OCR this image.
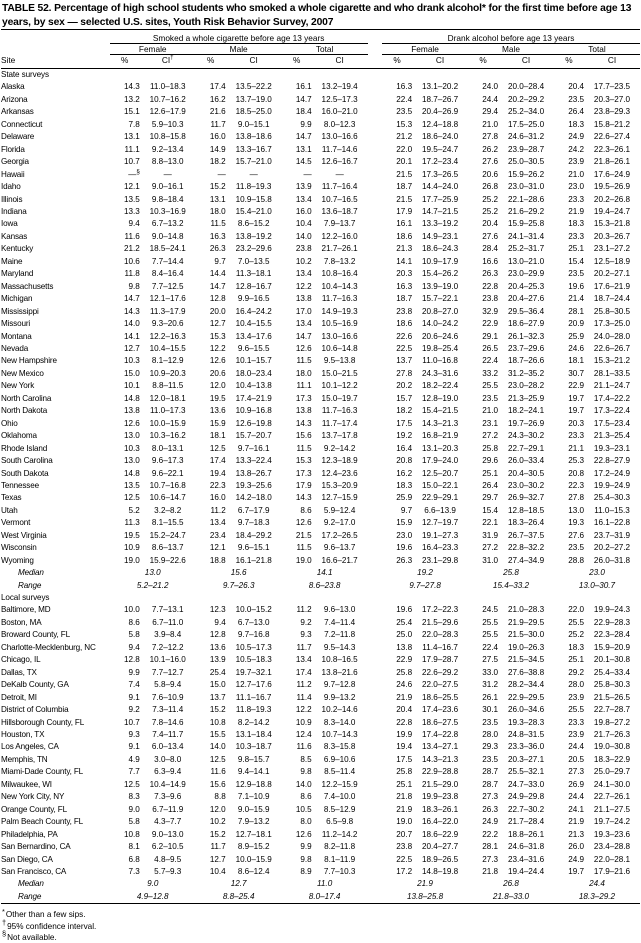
TABLE 52. Percentage of high school students who smoked a whole cigarette and who drank alcohol* for the first time before age 13 years, by sex — selected U.S. sites, Youth Risk Behavior Survey, 2007

	Smoked a whole cigarette before age 13 years							Drank alcohol before age 13 years					
	Female		Male		Total			Female		Male		Total	
Site	%	CI†	%	CI	%	CI		%	CI	%	CI	%	CI

State surveys													
Alaska	14.3	11.0–18.3	17.4	13.5–22.2	16.1	13.2–19.4		16.3	13.1–20.2	24.0	20.0–28.4	20.4	17.7–23.5
Arizona	13.2	10.7–16.2	16.2	13.7–19.0	14.7	12.5–17.3		22.4	18.7–26.7	24.4	20.2–29.2	23.5	20.3–27.0
Arkansas	15.1	12.6–17.9	21.6	18.5–25.0	18.4	16.0–21.0		23.5	20.4–26.9	29.4	25.2–34.0	26.4	23.8–29.3
Connecticut	7.8	5.9–10.3	11.7	9.0–15.1	9.9	8.0–12.3		15.3	12.4–18.8	21.0	17.5–25.0	18.3	15.8–21.2
Delaware	13.1	10.8–15.8	16.0	13.8–18.6	14.7	13.0–16.6		21.2	18.6–24.0	27.8	24.6–31.2	24.9	22.6–27.4
Florida	11.1	9.2–13.4	14.9	13.3–16.7	13.1	11.7–14.6		22.0	19.5–24.7	26.2	23.9–28.7	24.2	22.3–26.1
Georgia	10.7	8.8–13.0	18.2	15.7–21.0	14.5	12.6–16.7		20.1	17.2–23.4	27.6	25.0–30.5	23.9	21.8–26.1
Hawaii	—§	—	—	—	—	—		21.5	17.3–26.5	20.6	15.9–26.2	21.0	17.6–24.9
Idaho	12.1	9.0–16.1	15.2	11.8–19.3	13.9	11.7–16.4		18.7	14.4–24.0	26.8	23.0–31.0	23.0	19.5–26.9
Illinois	13.5	9.8–18.4	13.1	10.9–15.8	13.4	10.7–16.5		21.5	17.7–25.9	25.2	22.1–28.6	23.3	20.2–26.8
Indiana	13.3	10.3–16.9	18.0	15.4–21.0	16.0	13.6–18.7		17.9	14.7–21.5	25.2	21.6–29.2	21.9	19.4–24.7
Iowa	9.4	6.7–13.2	11.5	8.6–15.2	10.4	7.9–13.7		16.1	13.3–19.2	20.4	15.9–25.8	18.3	15.3–21.8
Kansas	11.6	9.0–14.8	16.3	13.8–19.2	14.0	12.2–16.0		18.6	14.9–23.1	27.6	24.1–31.4	23.3	20.3–26.7
Kentucky	21.2	18.5–24.1	26.3	23.2–29.6	23.8	21.7–26.1		21.3	18.6–24.3	28.4	25.2–31.7	25.1	23.1–27.2
Maine	10.6	7.7–14.4	9.7	7.0–13.5	10.2	7.8–13.2		14.1	10.9–17.9	16.6	13.0–21.0	15.4	12.5–18.9
Maryland	11.8	8.4–16.4	14.4	11.3–18.1	13.4	10.8–16.4		20.3	15.4–26.2	26.3	23.0–29.9	23.5	20.2–27.1
Massachusetts	9.8	7.7–12.5	14.7	12.8–16.7	12.2	10.4–14.3		16.3	13.9–19.0	22.8	20.4–25.3	19.6	17.6–21.9
Michigan	14.7	12.1–17.6	12.8	9.9–16.5	13.8	11.7–16.3		18.7	15.7–22.1	23.8	20.4–27.6	21.4	18.7–24.4
Mississippi	14.3	11.3–17.9	20.0	16.4–24.2	17.0	14.9–19.3		23.8	20.8–27.0	32.9	29.5–36.4	28.1	25.8–30.5
Missouri	14.0	9.3–20.6	12.7	10.4–15.5	13.4	10.5–16.9		18.6	14.0–24.2	22.9	18.6–27.9	20.9	17.3–25.0
Montana	14.1	12.2–16.3	15.3	13.4–17.6	14.7	13.0–16.6		22.6	20.6–24.6	29.1	26.1–32.3	25.9	24.0–28.0
Nevada	12.7	10.4–15.5	12.2	9.6–15.5	12.6	10.6–14.8		22.5	19.8–25.4	26.5	23.7–29.6	24.6	22.6–26.7
New Hampshire	10.3	8.1–12.9	12.6	10.1–15.7	11.5	9.5–13.8		13.7	11.0–16.8	22.4	18.7–26.6	18.1	15.3–21.2
New Mexico	15.0	10.9–20.3	20.6	18.0–23.4	18.0	15.0–21.5		27.8	24.3–31.6	33.2	31.2–35.2	30.7	28.1–33.5
New York	10.1	8.8–11.5	12.0	10.4–13.8	11.1	10.1–12.2		20.2	18.2–22.4	25.5	23.0–28.2	22.9	21.1–24.7
North Carolina	14.8	12.0–18.1	19.5	17.4–21.9	17.3	15.0–19.7		15.7	12.8–19.0	23.5	21.3–25.9	19.7	17.4–22.2
North Dakota	13.8	11.0–17.3	13.6	10.9–16.8	13.8	11.7–16.3		18.2	15.4–21.5	21.0	18.2–24.1	19.7	17.3–22.4
Ohio	12.6	10.0–15.9	15.9	12.6–19.8	14.3	11.7–17.4		17.5	14.3–21.3	23.1	19.7–26.9	20.3	17.5–23.4
Oklahoma	13.0	10.3–16.2	18.1	15.7–20.7	15.6	13.7–17.8		19.2	16.8–21.9	27.2	24.3–30.2	23.3	21.3–25.4
Rhode Island	10.3	8.0–13.1	12.5	9.7–16.1	11.5	9.2–14.2		16.4	13.1–20.3	25.8	22.7–29.1	21.1	19.3–23.1
South Carolina	13.0	9.6–17.3	17.4	13.3–22.4	15.3	12.3–18.9		20.8	17.9–24.0	29.6	26.0–33.4	25.3	22.8–27.9
South Dakota	14.8	9.6–22.1	19.4	13.8–26.7	17.3	12.4–23.6		16.2	12.5–20.7	25.1	20.4–30.5	20.8	17.2–24.9
Tennessee	13.5	10.7–16.8	22.3	19.3–25.6	17.9	15.3–20.9		18.3	15.0–22.1	26.4	23.0–30.2	22.3	19.9–24.9
Texas	12.5	10.6–14.7	16.0	14.2–18.0	14.3	12.7–15.9		25.9	22.9–29.1	29.7	26.9–32.7	27.8	25.4–30.3
Utah	5.2	3.2–8.2	11.2	6.7–17.9	8.6	5.9–12.4		9.7	6.6–13.9	15.4	12.8–18.5	13.0	11.0–15.3
Vermont	11.3	8.1–15.5	13.4	9.7–18.3	12.6	9.2–17.0		15.9	12.7–19.7	22.1	18.3–26.4	19.3	16.1–22.8
West Virginia	19.5	15.2–24.7	23.4	18.4–29.2	21.5	17.2–26.5		23.0	19.1–27.3	31.9	26.7–37.5	27.6	23.7–31.9
Wisconsin	10.9	8.6–13.7	12.1	9.6–15.1	11.5	9.6–13.7		19.6	16.4–23.3	27.2	22.8–32.2	23.5	20.2–27.2
Wyoming	19.0	15.9–22.6	18.8	16.1–21.8	19.0	16.6–21.7		26.3	23.1–29.8	31.0	27.4–34.9	28.8	26.0–31.8
Median	13.0		15.6		14.1			19.2		25.8		23.0	
Range	5.2–21.2		9.7–26.3		8.6–23.8			9.7–27.8		15.4–33.2		13.0–30.7	
Local surveys													
Baltimore, MD	10.0	7.7–13.1	12.3	10.0–15.2	11.2	9.6–13.0		19.6	17.2–22.3	24.5	21.0–28.3	22.0	19.9–24.3
Boston, MA	8.6	6.7–11.0	9.4	6.7–13.0	9.2	7.4–11.4		25.4	21.5–29.6	25.5	21.9–29.5	25.5	22.9–28.3
Broward County, FL	5.8	3.9–8.4	12.8	9.7–16.8	9.3	7.2–11.8		25.0	22.0–28.3	25.5	21.5–30.0	25.2	22.3–28.4
Charlotte-Mecklenburg, NC	9.4	7.2–12.2	13.6	10.5–17.3	11.7	9.5–14.3		13.8	11.4–16.7	22.4	19.0–26.3	18.3	15.9–20.9
Chicago, IL	12.8	10.1–16.0	13.9	10.5–18.3	13.4	10.8–16.5		22.9	17.9–28.7	27.5	21.5–34.5	25.1	20.1–30.8
Dallas, TX	9.9	7.7–12.7	25.4	19.7–32.1	17.4	13.8–21.6		25.8	22.6–29.2	33.0	27.6–38.8	29.2	25.4–33.4
DeKalb County, GA	7.4	5.8–9.4	15.0	12.7–17.6	11.2	9.7–12.8		24.6	22.0–27.5	31.2	28.2–34.4	28.0	25.8–30.3
Detroit, MI	9.1	7.6–10.9	13.7	11.1–16.7	11.4	9.9–13.2		21.9	18.6–25.5	26.1	22.9–29.5	23.9	21.5–26.5
District of Columbia	9.2	7.3–11.4	15.2	11.8–19.3	12.2	10.2–14.6		20.4	17.4–23.6	30.1	26.0–34.6	25.5	22.7–28.7
Hillsborough County, FL	10.7	7.8–14.6	10.8	8.2–14.2	10.9	8.3–14.0		22.8	18.6–27.5	23.5	19.3–28.3	23.3	19.8–27.2
Houston, TX	9.3	7.4–11.7	15.5	13.1–18.4	12.4	10.7–14.3		19.9	17.4–22.8	28.0	24.8–31.5	23.9	21.7–26.3
Los Angeles, CA	9.1	6.0–13.4	14.0	10.3–18.7	11.6	8.3–15.8		19.4	13.4–27.1	29.3	23.3–36.0	24.4	19.0–30.8
Memphis, TN	4.9	3.0–8.0	12.5	9.8–15.7	8.5	6.9–10.6		17.5	14.3–21.3	23.5	20.3–27.1	20.5	18.3–22.9
Miami-Dade County, FL	7.7	6.3–9.4	11.6	9.4–14.1	9.8	8.5–11.4		25.8	22.9–28.8	28.7	25.5–32.1	27.3	25.0–29.7
Milwaukee, WI	12.5	10.4–14.9	15.6	12.9–18.8	14.0	12.2–15.9		25.1	21.5–29.0	28.7	24.7–33.0	26.9	24.1–30.0
New York City, NY	8.3	7.3–9.6	8.8	7.1–10.9	8.6	7.4–10.0		21.8	19.9–23.8	27.3	24.9–29.8	24.4	22.7–26.1
Orange County, FL	9.0	6.7–11.9	12.0	9.0–15.9	10.5	8.5–12.9		21.9	18.3–26.1	26.3	22.7–30.2	24.1	21.1–27.5
Palm Beach County, FL	5.8	4.3–7.7	10.2	7.9–13.2	8.0	6.5–9.8		19.0	16.4–22.0	24.9	21.7–28.4	21.9	19.7–24.2
Philadelphia, PA	10.8	9.0–13.0	15.2	12.7–18.1	12.6	11.2–14.2		20.7	18.6–22.9	22.2	18.8–26.1	21.3	19.3–23.6
San Bernardino, CA	8.1	6.2–10.5	11.7	8.9–15.2	9.9	8.2–11.8		23.8	20.4–27.7	28.1	24.6–31.8	26.0	23.4–28.8
San Diego, CA	6.8	4.8–9.5	12.7	10.0–15.9	9.8	8.1–11.9		22.5	18.9–26.5	27.3	23.4–31.6	24.9	22.0–28.1
San Francisco, CA	7.3	5.7–9.3	10.4	8.6–12.4	8.9	7.7–10.3		17.2	14.8–19.8	21.8	19.4–24.4	19.7	17.9–21.6
Median	9.0		12.7		11.0			21.9		26.8		24.4	
Range	4.9–12.8		8.8–25.4		8.0–17.4			13.8–25.8		21.8–33.0		18.3–29.2	

*Other than a few sips.
†95% confidence interval.
§Not available.
